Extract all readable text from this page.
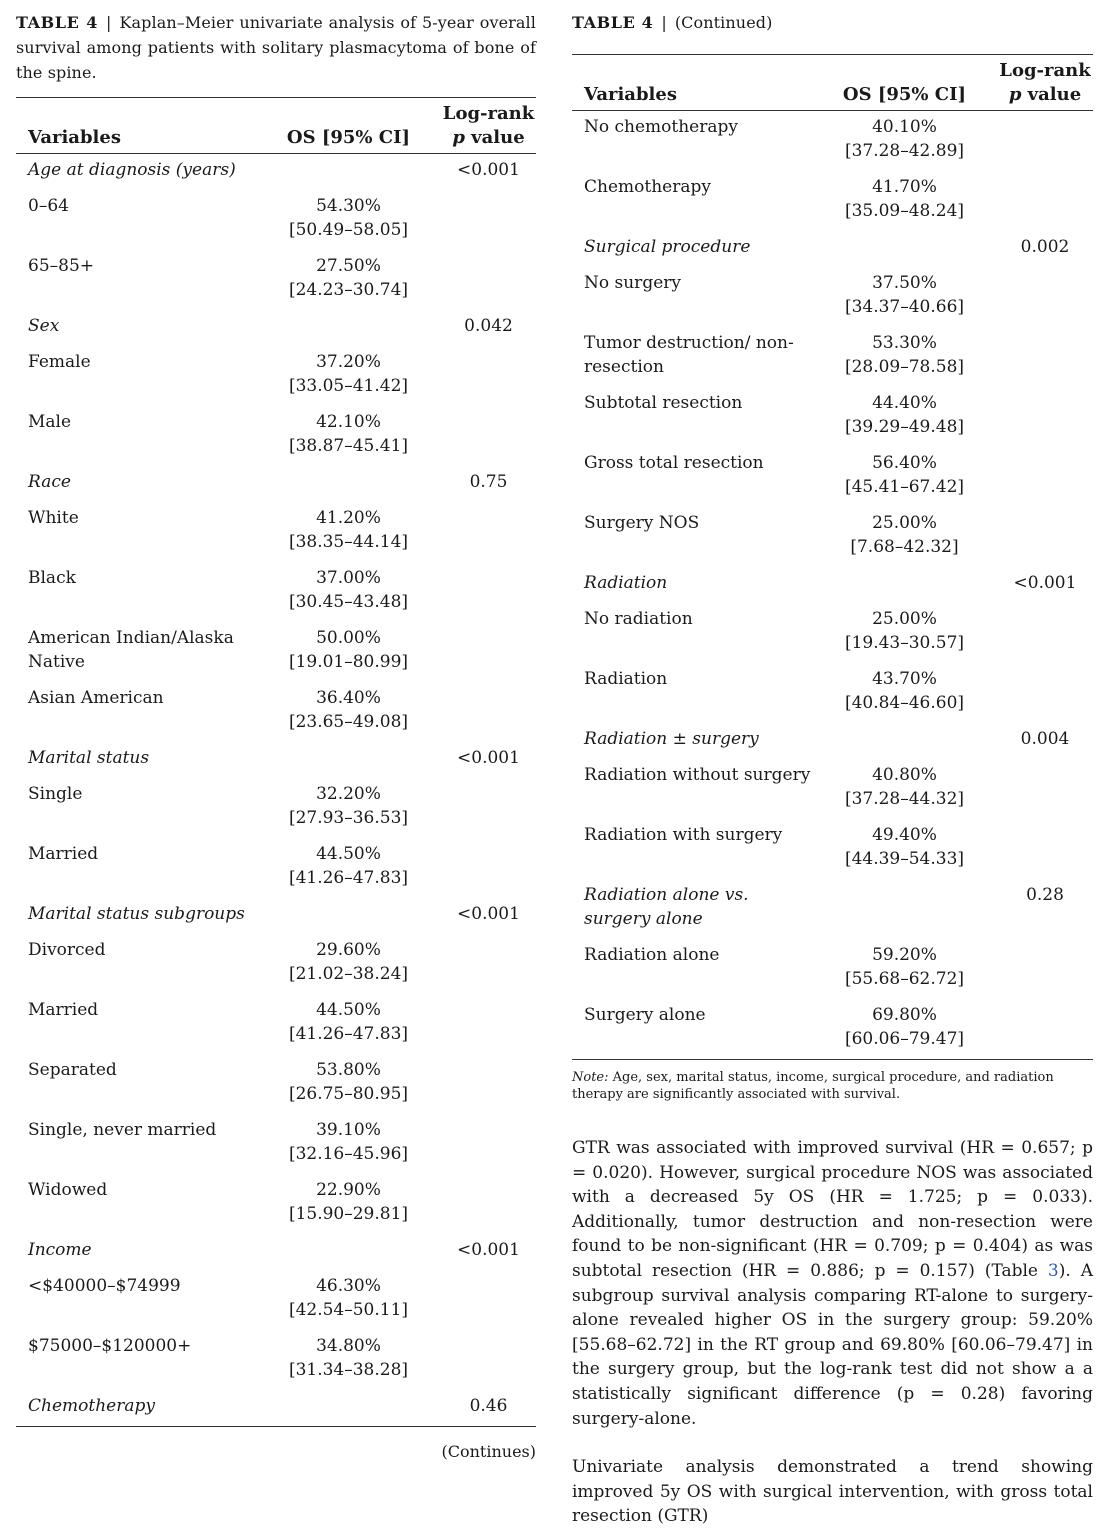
TABLE 4 | Kaplan–Meier univariate analysis of 5-year overall survival among patients with solitary plasmacytoma of bone of the spine.
Variables	OS [95% CI]	Log-rank
p value
Age at diagnosis (years)		<0.001
0–64	54.30%
[50.49–58.05]	

65–85+	27.50%
[24.23–30.74]	

Sex		0.042
Female	37.20%
[33.05–41.42]	

Male	42.10%
[38.87–45.41]	

Race		0.75
White	41.20%
[38.35–44.14]	

Black	37.00%
[30.45–43.48]	

American Indian/Alaska Native	50.00%
[19.01–80.99]	

Asian American	36.40%
[23.65–49.08]	

Marital status		<0.001
Single	32.20%
[27.93–36.53]	

Married	44.50%
[41.26–47.83]	

Marital status subgroups		<0.001
Divorced	29.60%
[21.02–38.24]	

Married	44.50%
[41.26–47.83]	

Separated	53.80%
[26.75–80.95]	

Single, never married	39.10%
[32.16–45.96]	

Widowed	22.90%
[15.90–29.81]	

Income		<0.001
<$40000–$74999	46.30%
[42.54–50.11]	

$75000–$120000+	34.80%
[31.34–38.28]	

Chemotherapy		0.46
(Continues)
TABLE 4 | (Continued)
Variables	OS [95% CI]	Log-rank
p value
No chemotherapy	40.10%
[37.28–42.89]	

Chemotherapy	41.70%
[35.09–48.24]	

Surgical procedure		0.002
No surgery	37.50%
[34.37–40.66]	

Tumor destruction/ non-resection	53.30%
[28.09–78.58]	

Subtotal resection	44.40%
[39.29–49.48]	

Gross total resection	56.40%
[45.41–67.42]	

Surgery NOS	25.00%
[7.68–42.32]	

Radiation		<0.001
No radiation	25.00%
[19.43–30.57]	

Radiation	43.70%
[40.84–46.60]	

Radiation ± surgery		0.004
Radiation without surgery	40.80%
[37.28–44.32]	

Radiation with surgery	49.40%
[44.39–54.33]	

Radiation alone vs. surgery alone		0.28
Radiation alone	59.20%
[55.68–62.72]	

Surgery alone	69.80%
[60.06–79.47]	

Note: Age, sex, marital status, income, surgical procedure, and radiation therapy are significantly associated with survival.

GTR was associated with improved survival (HR = 0.657; p = 0.020). However, surgical procedure NOS was associated with a decreased 5y OS (HR = 1.725; p = 0.033). Additionally, tumor destruction and non-resection were found to be non-significant (HR = 0.709; p = 0.404) as was subtotal resection (HR = 0.886; p = 0.157) (Table 3). A subgroup survival analysis comparing RT-alone to surgery-alone revealed higher OS in the surgery group: 59.20% [55.68–62.72] in the RT group and 69.80% [60.06–79.47] in the surgery group, but the log-rank test did not show a a statistically significant difference (p = 0.28) favoring surgery-alone.

Univariate analysis demonstrated a trend showing improved 5y OS with surgical intervention, with gross total resection (GTR)
